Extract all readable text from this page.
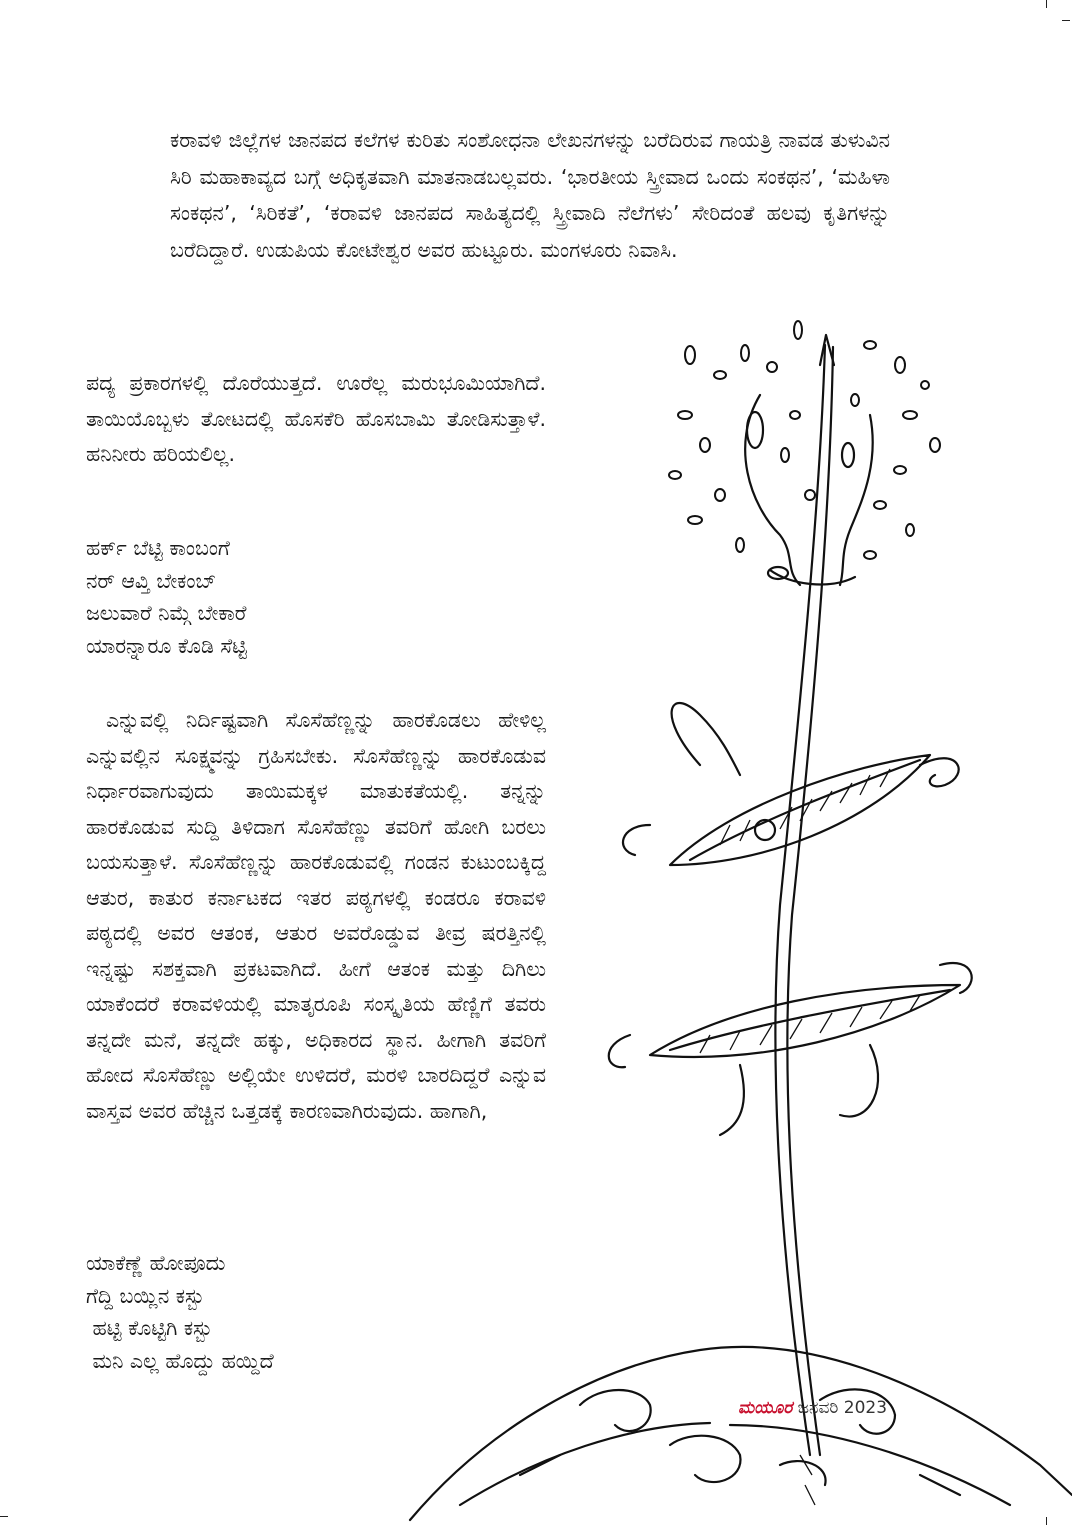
ಕರಾವಳಿ ಜಿಲ್ಲೆಗಳ ಜಾನಪದ ಕಲೆಗಳ ಕುರಿತು ಸಂಶೋಧನಾ ಲೇಖನಗಳನ್ನು ಬರೆದಿರುವ ಗಾಯತ್ರಿ ನಾವಡ ತುಳುವಿನ ಸಿರಿ ಮಹಾಕಾವ್ಯದ ಬಗ್ಗೆ ಅಧಿಕೃತವಾಗಿ ಮಾತನಾಡಬಲ್ಲವರು. ‘ಭಾರತೀಯ ಸ್ತ್ರೀವಾದ ಒಂದು ಸಂಕಥನ’, ‘ಮಹಿಳಾ ಸಂಕಥನ’, ‘ಸಿರಿಕತೆ’, ‘ಕರಾವಳಿ ಜಾನಪದ ಸಾಹಿತ್ಯದಲ್ಲಿ ಸ್ತ್ರೀವಾದಿ ನೆಲೆಗಳು’ ಸೇರಿದಂತೆ ಹಲವು ಕೃತಿಗಳನ್ನು ಬರೆದಿದ್ದಾರೆ. ಉಡುಪಿಯ ಕೋಟೇಶ್ವರ ಅವರ ಹುಟ್ಟೂರು. ಮಂಗಳೂರು ನಿವಾಸಿ.

ಪದ್ಯ ಪ್ರಕಾರಗಳಲ್ಲಿ ದೊರೆಯುತ್ತದೆ. ಊರೆಲ್ಲ ಮರುಭೂಮಿಯಾಗಿದೆ. ತಾಯಿಯೊಬ್ಬಳು ತೋಟದಲ್ಲಿ ಹೊಸಕೆರಿ ಹೊಸಬಾಮಿ ತೋಡಿಸುತ್ತಾಳೆ. ಹನಿನೀರು ಹರಿಯಲಿಲ್ಲ.

ಹರ್ಕ್ ಬೆಟ್ಟಿ ಕಾಂಬಂಗೆ
ನರ್ ಆವ್ತಿ ಬೇಕಂಬ್
ಜಲುವಾರೆ ನಿಮ್ಗೆ ಬೇಕಾರೆ
ಯಾರನ್ನಾರೂ ಕೊಡಿ ಸೆಟ್ಟಿ

ಎನ್ನುವಲ್ಲಿ ನಿರ್ದಿಷ್ಟವಾಗಿ ಸೊಸೆಹೆಣ್ಣನ್ನು ಹಾರಕೊಡಲು ಹೇಳಿಲ್ಲ ಎನ್ನುವಲ್ಲಿನ ಸೂಕ್ಷ್ಮವನ್ನು ಗ್ರಹಿಸಬೇಕು. ಸೊಸೆಹೆಣ್ಣನ್ನು ಹಾರಕೊಡುವ ನಿರ್ಧಾರವಾಗುವುದು ತಾಯಿಮಕ್ಕಳ ಮಾತುಕತೆಯಲ್ಲಿ. ತನ್ನನ್ನು ಹಾರಕೊಡುವ ಸುದ್ದಿ ತಿಳಿದಾಗ ಸೊಸೆಹೆಣ್ಣು ತವರಿಗೆ ಹೋಗಿ ಬರಲು ಬಯಸುತ್ತಾಳೆ. ಸೊಸೆಹೆಣ್ಣನ್ನು ಹಾರಕೊಡುವಲ್ಲಿ ಗಂಡನ ಕುಟುಂಬಕ್ಕಿದ್ದ ಆತುರ, ಕಾತುರ ಕರ್ನಾಟಕದ ಇತರ ಪಠ್ಯಗಳಲ್ಲಿ ಕಂಡರೂ ಕರಾವಳಿ ಪಠ್ಯದಲ್ಲಿ ಅವರ ಆತಂಕ, ಆತುರ ಅವರೊಡ್ಡುವ ತೀವ್ರ ಷರತ್ತಿನಲ್ಲಿ ಇನ್ನಷ್ಟು ಸಶಕ್ತವಾಗಿ ಪ್ರಕಟವಾಗಿದೆ. ಹೀಗೆ ಆತಂಕ ಮತ್ತು ದಿಗಿಲು ಯಾಕೆಂದರೆ ಕರಾವಳಿಯಲ್ಲಿ ಮಾತೃರೂಪಿ ಸಂಸ್ಕೃತಿಯ ಹೆಣ್ಣಿಗೆ ತವರು ತನ್ನದೇ ಮನೆ, ತನ್ನದೇ ಹಕ್ಕು, ಅಧಿಕಾರದ ಸ್ಥಾನ. ಹೀಗಾಗಿ ತವರಿಗೆ ಹೋದ ಸೊಸೆಹೆಣ್ಣು ಅಲ್ಲಿಯೇ ಉಳಿದರೆ, ಮರಳಿ ಬಾರದಿದ್ದರೆ ಎನ್ನುವ ವಾಸ್ತವ ಅವರ ಹೆಚ್ಚಿನ ಒತ್ತಡಕ್ಕೆ ಕಾರಣವಾಗಿರುವುದು. ಹಾಗಾಗಿ,

ಯಾಕೆಣ್ಣೆ ಹೋಪೂದು
ಗೆದ್ದಿ ಬಯ್ಲಿನ ಕಸ್ಬು
ಹಟ್ಟಿ ಕೊಟ್ಟಿಗಿ ಕಸ್ಬು
ಮನಿ ಎಲ್ಲ ಹೊದ್ದು ಹಯ್ದಿದೆ
ಮಯೂರ ಜನವರಿ 2023
